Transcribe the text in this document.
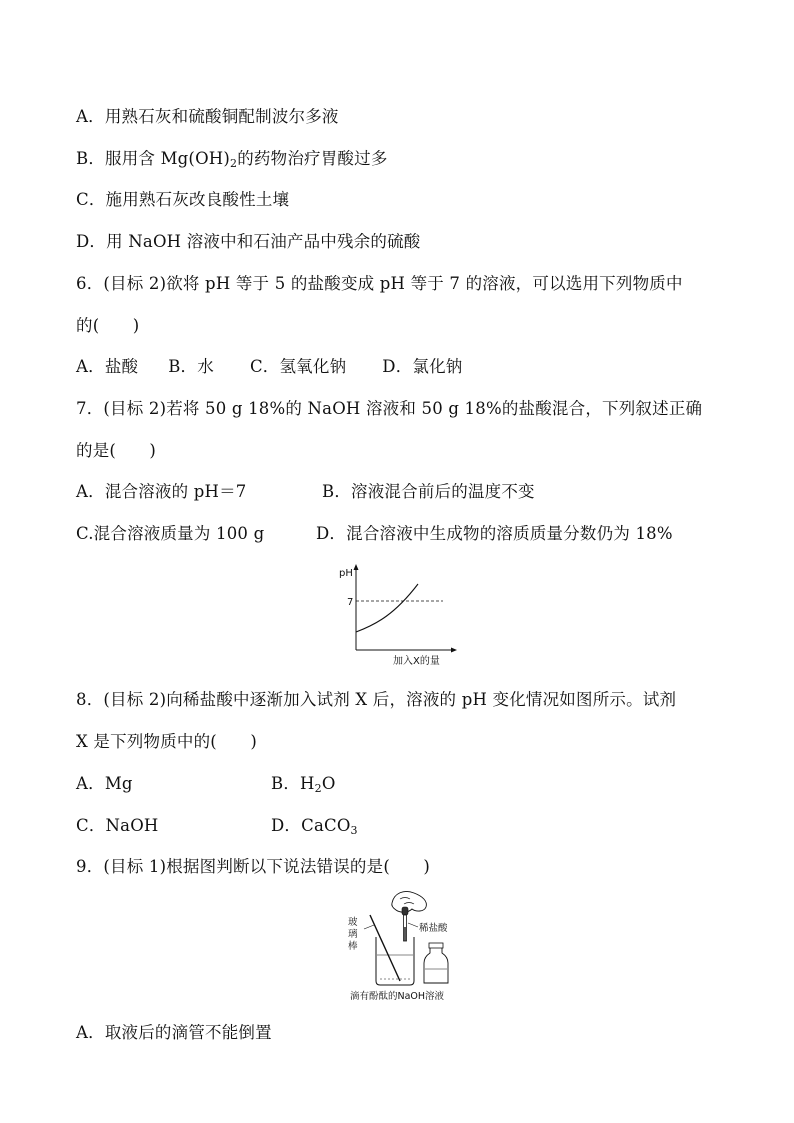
A．用熟石灰和硫酸铜配制波尔多液
B．服用含 $Mg(OH)_2$的药物治疗胃酸过多
C．施用熟石灰改良酸性土壤
D．用 NaOH 溶液中和石油产品中残余的硫酸
6．(目标 2)欲将 pH 等于 5 的盐酸变成 pH 等于 7 的溶液，可以选用下列物质中
的(　　)
A．盐酸 B．水 C．氢氧化钠 D．氯化钠
7．(目标 2)若将 50 g 18%的 NaOH 溶液和 50 g 18%的盐酸混合，下列叙述正确
的是(　　)
A．混合溶液的 pH＝7	B．溶液混合前后的温度不变
C.混合溶液质量为 100 g	D．混合溶液中生成物的溶质质量分数仍为 18%
pH
7
加入X的量
8．(目标 2)向稀盐酸中逐渐加入试剂 X 后，溶液的 pH 变化情况如图所示。试剂
X 是下列物质中的(　　)
A．Mg	B．$H_2O$
C．NaOH	D．CaCO$_3$
9．(目标 1)根据图判断以下说法错误的是(　　)
稀盐酸
玻
璃
棒
滴有酚酞的NaOH溶液
A．取液后的滴管不能倒置
